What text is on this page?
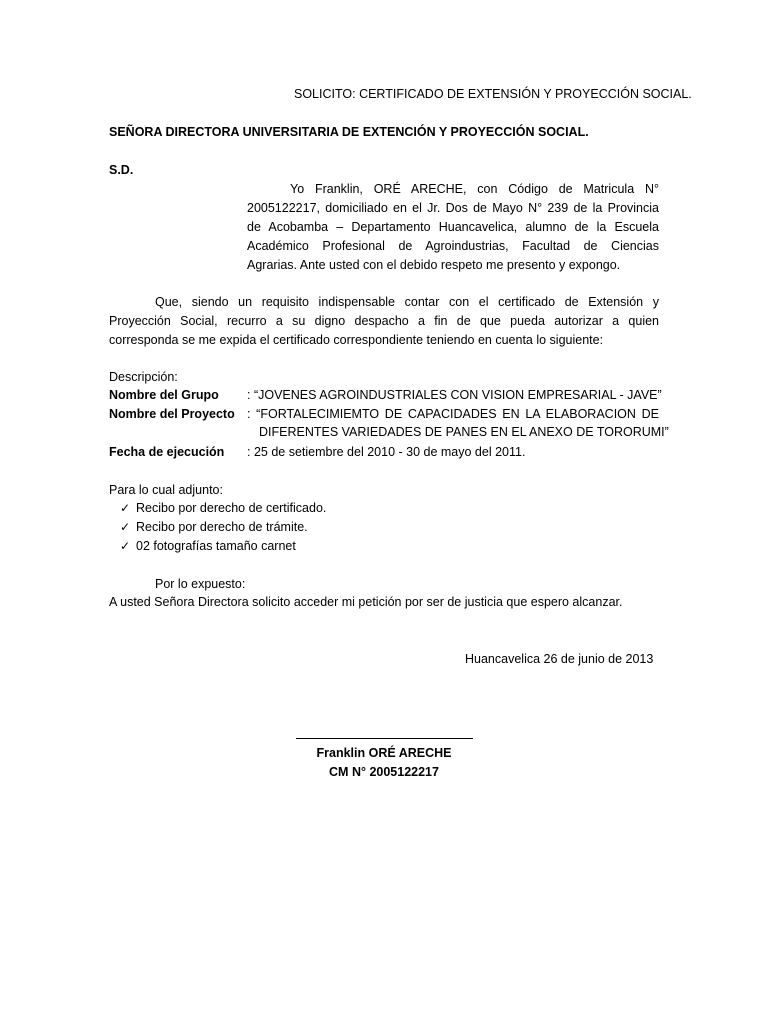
SOLICITO: CERTIFICADO DE EXTENSIÓN Y PROYECCIÓN SOCIAL.
SEÑORA DIRECTORA UNIVERSITARIA DE EXTENCIÓN Y PROYECCIÓN SOCIAL.
S.D.
Yo Franklin, ORÉ ARECHE, con Código de Matricula N°
2005122217, domiciliado en el Jr. Dos de Mayo N° 239 de la Provincia
de Acobamba – Departamento Huancavelica, alumno de la Escuela
Académico Profesional de Agroindustrias, Facultad de Ciencias
Agrarias. Ante usted con el debido respeto me presento y expongo.
Que, siendo un requisito indispensable contar con el certificado de Extensión y
Proyección Social, recurro a su digno despacho a fin de que pueda autorizar a quien
corresponda se me expida el certificado correspondiente teniendo en cuenta lo siguiente:
Descripción:
Nombre del Grupo : “JOVENES AGROINDUSTRIALES CON VISION EMPRESARIAL - JAVE”
Nombre del Proyecto : “FORTALECIMIEMTO DE CAPACIDADES EN LA ELABORACION DE
DIFERENTES VARIEDADES DE PANES EN EL ANEXO DE TORORUMI”
Fecha de ejecución : 25 de setiembre del 2010 - 30 de mayo del 2011.
Para lo cual adjunto:
✓ Recibo por derecho de certificado.
✓ Recibo por derecho de trámite.
✓ 02 fotografías tamaño carnet
Por lo expuesto:
A usted Señora Directora solicito acceder mi petición por ser de justicia que espero alcanzar.
Huancavelica 26 de junio de 2013
Franklin ORÉ ARECHE
CM N° 2005122217
